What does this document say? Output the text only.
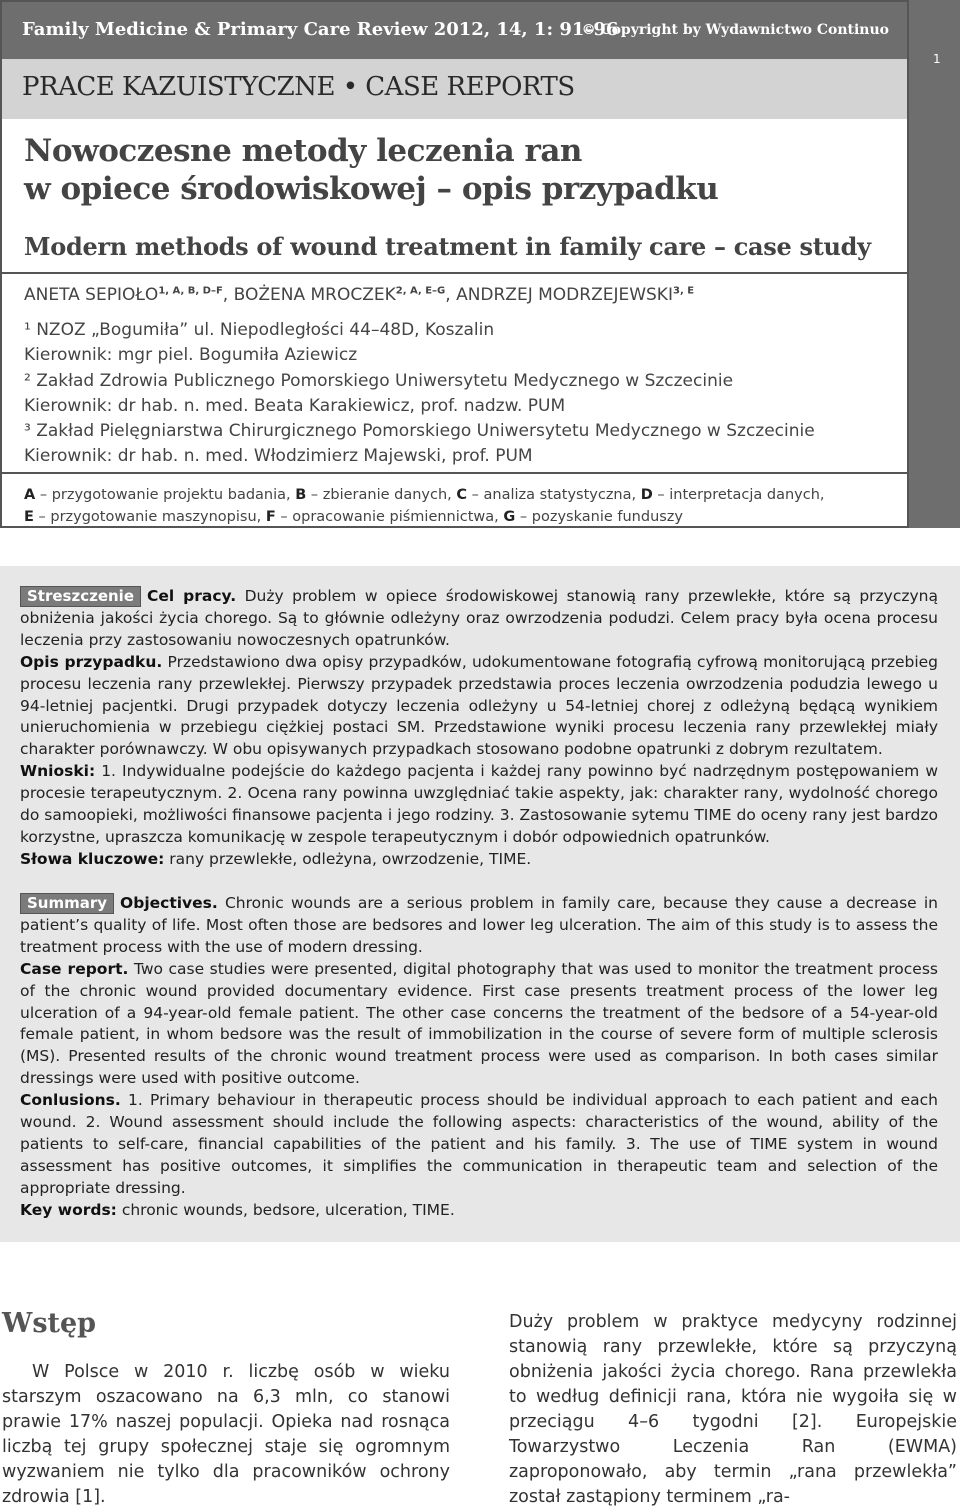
Family Medicine & Primary Care Review 2012, 14, 1: 91–96
© Copyright by Wydawnictwo Continuo
PRACE KAZUISTYCZNE • CASE REPORTS
Nowoczesne metody leczenia ran
w opiece środowiskowej – opis przypadku
Modern methods of wound treatment in family care – case study
ANETA $SEPIOŁO^{1, A, B, D-F}$, BOŻENA $MROCZEK^{2, A, E-G}$, ANDRZEJ $MODRZEJEWSKI^{3, E}$
¹ NZOZ „Bogumiła” ul. Niepodległości 44–48D, Koszalin
Kierownik: mgr piel. Bogumiła Aziewicz
² Zakład Zdrowia Publicznego Pomorskiego Uniwersytetu Medycznego w Szczecinie
Kierownik: dr hab. n. med. Beata Karakiewicz, prof. nadzw. PUM
³ Zakład Pielęgniarstwa Chirurgicznego Pomorskiego Uniwersytetu Medycznego w Szczecinie
Kierownik: dr hab. n. med. Włodzimierz Majewski, prof. PUM
A – przygotowanie projektu badania, B – zbieranie danych, C – analiza statystyczna, D – interpretacja danych,
E – przygotowanie maszynopisu, F – opracowanie piśmiennictwa, G – pozyskanie funduszy
1
Streszczenie Cel pracy. Duży problem w opiece środowiskowej stanowią rany przewlekłe, które są przyczyną obniżenia jakości życia chorego. Są to głównie odleżyny oraz owrzodzenia podudzi. Celem pracy była ocena procesu leczenia przy zastosowaniu nowoczesnych opatrunków.
Opis przypadku. Przedstawiono dwa opisy przypadków, udokumentowane fotografią cyfrową monitorującą przebieg procesu leczenia rany przewlekłej. Pierwszy przypadek przedstawia proces leczenia owrzodzenia podudzia lewego u 94-letniej pacjentki. Drugi przypadek dotyczy leczenia odleżyny u 54-letniej chorej z odleżyną będącą wynikiem unieruchomienia w przebiegu ciężkiej postaci SM. Przedstawione wyniki procesu leczenia rany przewlekłej miały charakter porównawczy. W obu opisywanych przypadkach stosowano podobne opatrunki z dobrym rezultatem.
Wnioski: 1. Indywidualne podejście do każdego pacjenta i każdej rany powinno być nadrzędnym postępowaniem w procesie terapeutycznym. 2. Ocena rany powinna uwzględniać takie aspekty, jak: charakter rany, wydolność chorego do samoopieki, możliwości finansowe pacjenta i jego rodziny. 3. Zastosowanie sytemu TIME do oceny rany jest bardzo korzystne, upraszcza komunikację w zespole terapeutycznym i dobór odpowiednich opatrunków.
Słowa kluczowe: rany przewlekłe, odleżyna, owrzodzenie, TIME.
Summary Objectives. Chronic wounds are a serious problem in family care, because they cause a decrease in patient’s quality of life. Most often those are bedsores and lower leg ulceration. The aim of this study is to assess the treatment process with the use of modern dressing.
Case report. Two case studies were presented, digital photography that was used to monitor the treatment process of the chronic wound provided documentary evidence. First case presents treatment process of the lower leg ulceration of a 94-year-old female patient. The other case concerns the treatment of the bedsore of a 54-year-old female patient, in whom bedsore was the result of immobilization in the course of severe form of multiple sclerosis (MS). Presented results of the chronic wound treatment process were used as comparison. In both cases similar dressings were used with positive outcome.
Conlusions. 1. Primary behaviour in therapeutic process should be individual approach to each patient and each wound. 2. Wound assessment should include the following aspects: characteristics of the wound, ability of the patients to self-care, financial capabilities of the patient and his family. 3. The use of TIME system in wound assessment has positive outcomes, it simplifies the communication in therapeutic team and selection of the appropriate dressing.
Key words: chronic wounds, bedsore, ulceration, TIME.
Wstęp
W Polsce w 2010 r. liczbę osób w wieku starszym oszacowano na 6,3 mln, co stanowi prawie 17% naszej populacji. Opieka nad rosnąca liczbą tej grupy społecznej staje się ogromnym wyzwaniem nie tylko dla pracowników ochrony zdrowia [1].
Duży problem w praktyce medycyny rodzinnej stanowią rany przewlekłe, które są przyczyną obniżenia jakości życia chorego. Rana przewlekła to według definicji rana, która nie wygoiła się w przeciągu 4–6 tygodni [2]. Europejskie Towarzystwo Leczenia Ran (EWMA) zaproponowało, aby termin „rana przewlekła” został zastąpiony terminem „ra-
